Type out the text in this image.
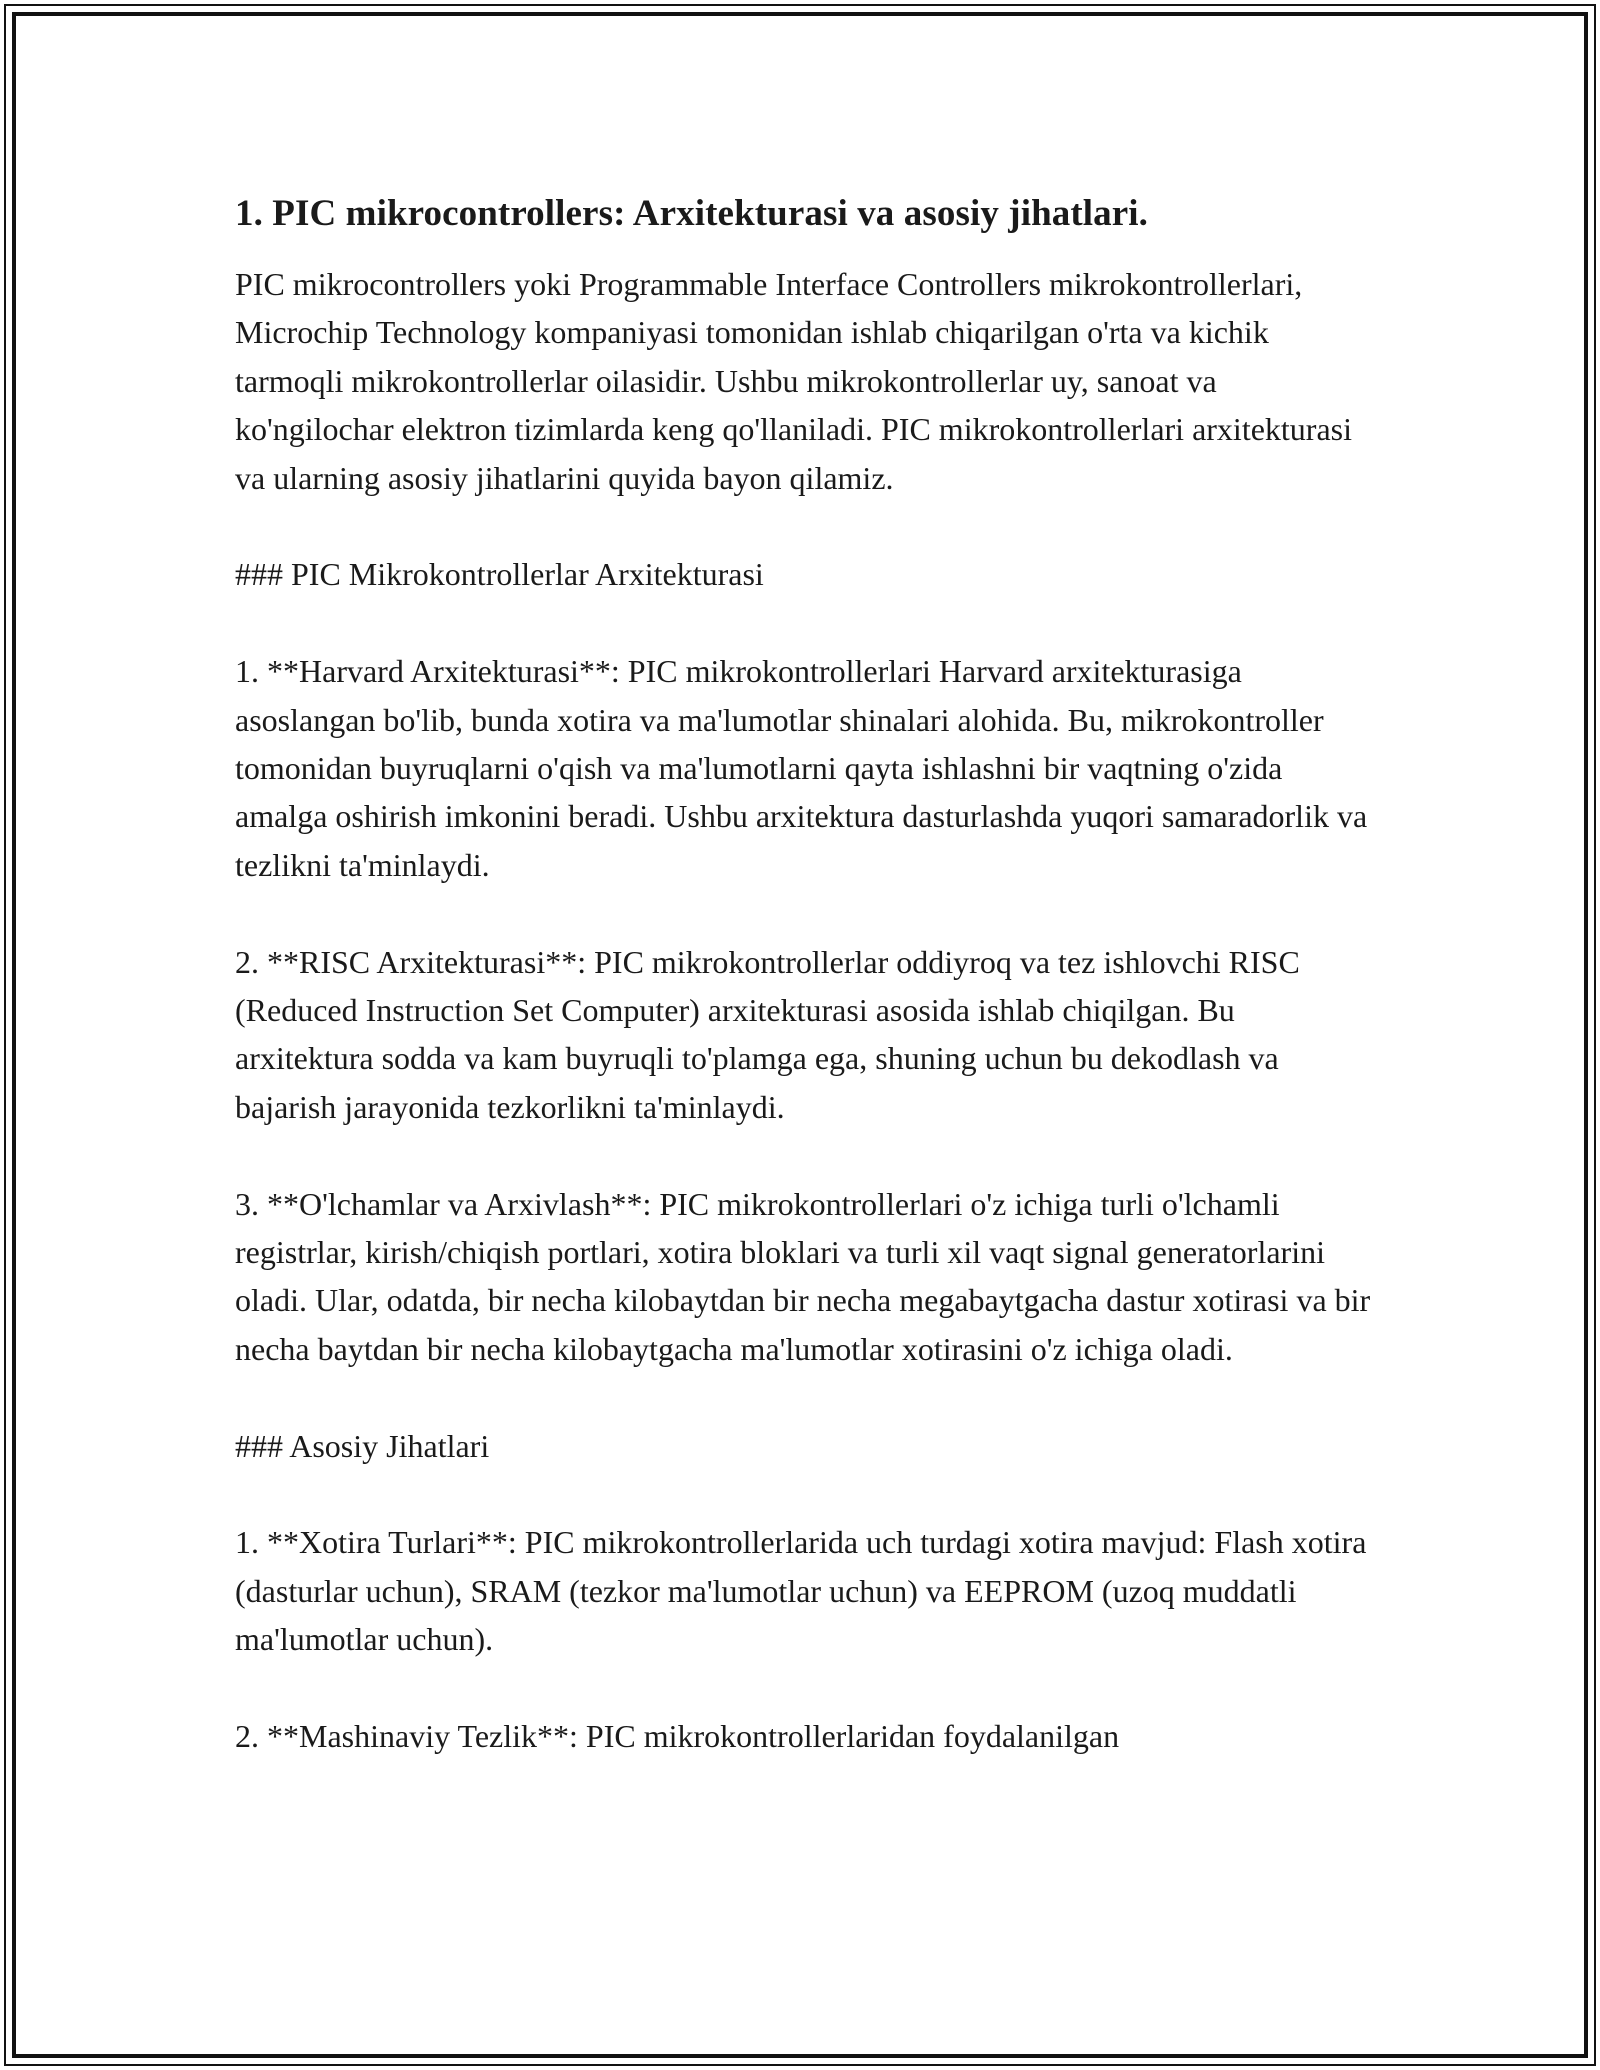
1. PIC mikrocontrollers: Arxitekturasi va asosiy jihatlari.

PIC mikrocontrollers yoki Programmable Interface Controllers mikrokontrollerlari, Microchip Technology kompaniyasi tomonidan ishlab chiqarilgan o'rta va kichik tarmoqli mikrokontrollerlar oilasidir. Ushbu mikrokontrollerlar uy, sanoat va ko'ngilochar elektron tizimlarda keng qo'llaniladi. PIC mikrokontrollerlari arxitekturasi va ularning asosiy jihatlarini quyida bayon qilamiz.

### PIC Mikrokontrollerlar Arxitekturasi

1. **Harvard Arxitekturasi**: PIC mikrokontrollerlari Harvard arxitekturasiga asoslangan bo'lib, bunda xotira va ma'lumotlar shinalari alohida. Bu, mikrokontroller tomonidan buyruqlarni o'qish va ma'lumotlarni qayta ishlashni bir vaqtning o'zida amalga oshirish imkonini beradi. Ushbu arxitektura dasturlashda yuqori samaradorlik va tezlikni ta'minlaydi.

2. **RISC Arxitekturasi**: PIC mikrokontrollerlar oddiyroq va tez ishlovchi RISC (Reduced Instruction Set Computer) arxitekturasi asosida ishlab chiqilgan. Bu arxitektura sodda va kam buyruqli to'plamga ega, shuning uchun bu dekodlash va bajarish jarayonida tezkorlikni ta'minlaydi.

3. **O'lchamlar va Arxivlash**: PIC mikrokontrollerlari o'z ichiga turli o'lchamli registrlar, kirish/chiqish portlari, xotira bloklari va turli xil vaqt signal generatorlarini oladi. Ular, odatda, bir necha kilobaytdan bir necha megabaytgacha dastur xotirasi va bir necha baytdan bir necha kilobaytgacha ma'lumotlar xotirasini o'z ichiga oladi.

### Asosiy Jihatlari

1. **Xotira Turlari**: PIC mikrokontrollerlarida uch turdagi xotira mavjud: Flash xotira (dasturlar uchun), SRAM (tezkor ma'lumotlar uchun) va EEPROM (uzoq muddatli ma'lumotlar uchun).

2. **Mashinaviy Tezlik**: PIC mikrokontrollerlaridan foydalanilgan
